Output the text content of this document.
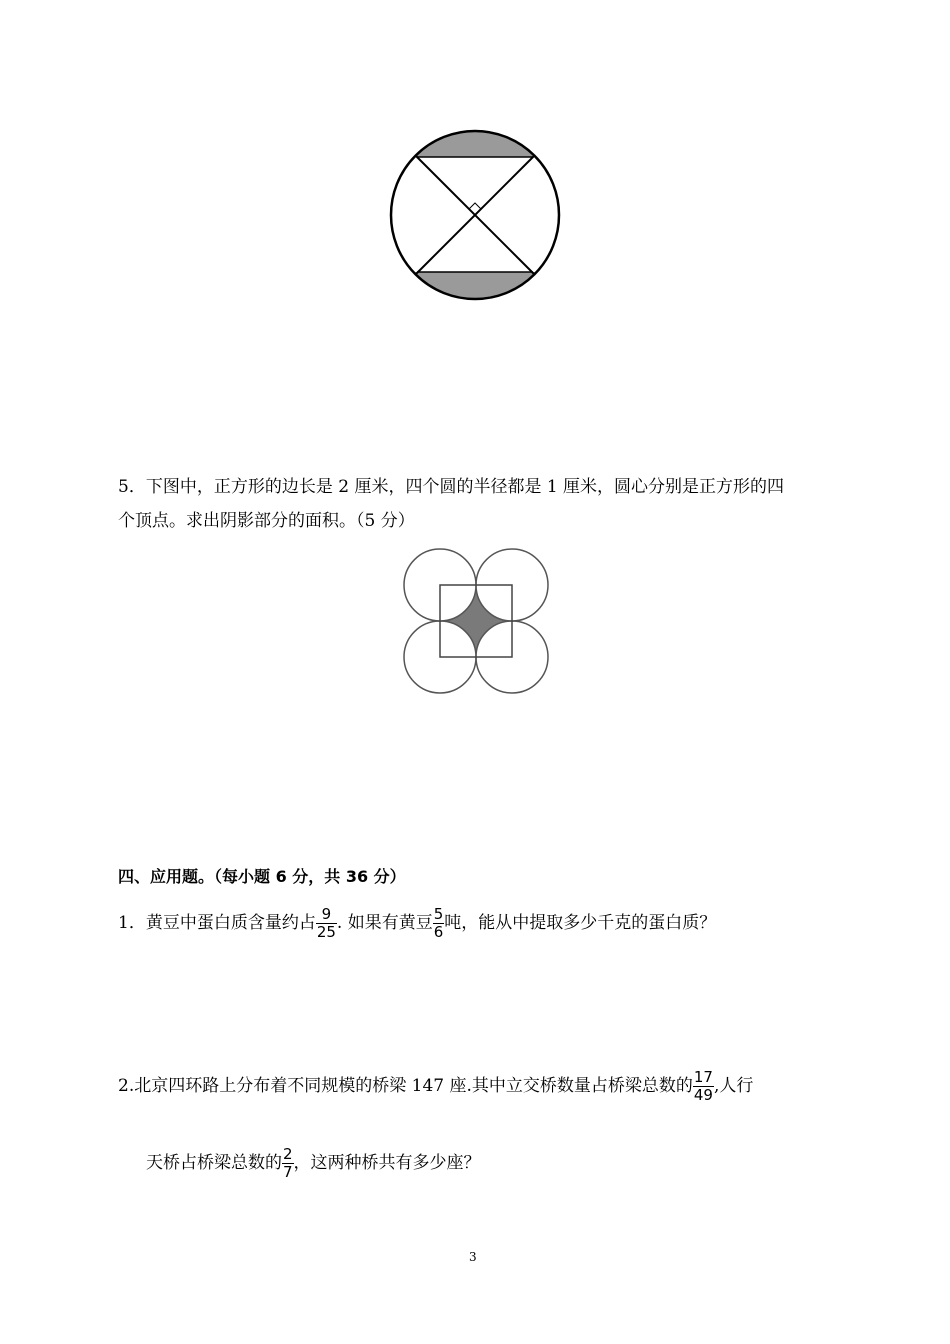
5．下图中，正方形的边长是 2 厘米，四个圆的半径都是 1 厘米，圆心分别是正方形的四
个顶点。求出阴影部分的面积。（5 分）
四、应用题。（每小题 6 分，共 36 分）
1．黄豆中蛋白质含量约占 $\frac{9}{25}$ . 如果有黄豆 $\frac{5}{6}$ 吨，能从中提取多少千克的蛋白质？
2.北京四环路上分布着不同规模的桥梁 147 座.其中立交桥数量占桥梁总数的 $\frac{17}{49}$ ,人行
天桥占桥梁总数的 $\frac{2}{7}$ ，这两种桥共有多少座？
3
